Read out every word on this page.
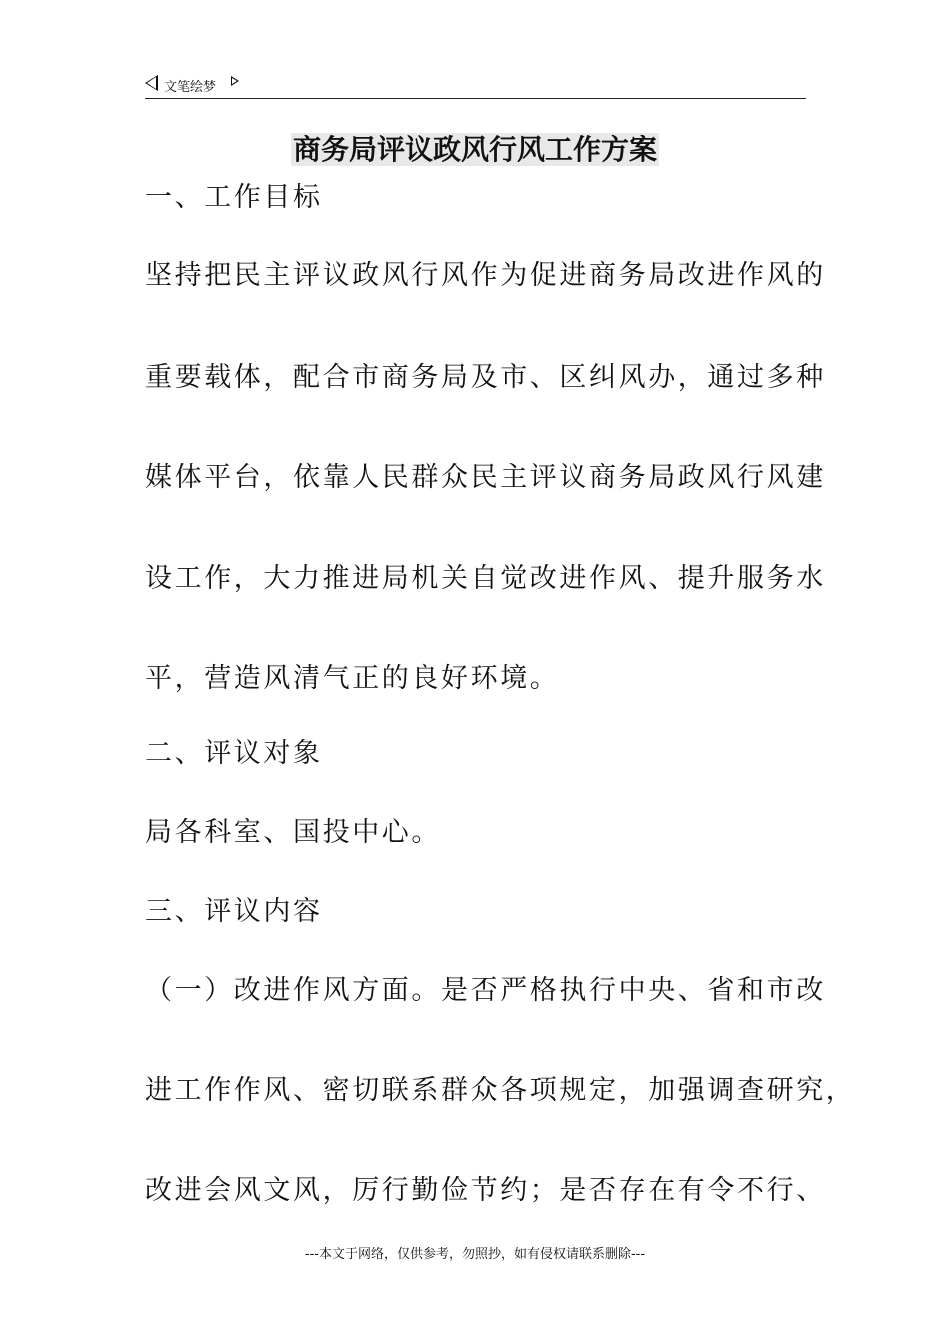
文笔绘梦
商务局评议政风行风工作方案
一、工作目标
坚持把民主评议政风行风作为促进商务局改进作风的
重要载体，配合市商务局及市、区纠风办，通过多种
媒体平台，依靠人民群众民主评议商务局政风行风建
设工作，大力推进局机关自觉改进作风、提升服务水
平，营造风清气正的良好环境。
二、评议对象
局各科室、国投中心。
三、评议内容
（一）改进作风方面。是否严格执行中央、省和市改
进工作作风、密切联系群众各项规定，加强调查研究，
改进会风文风，厉行勤俭节约；是否存在有令不行、
---本文于网络，仅供参考，勿照抄，如有侵权请联系删除---
